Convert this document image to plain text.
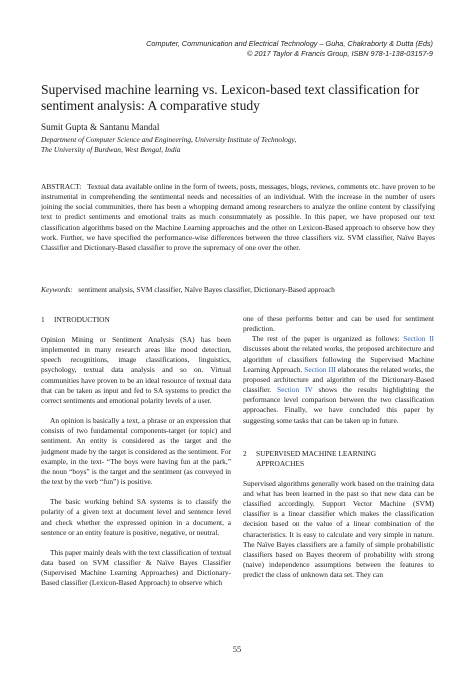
Computer, Communication and Electrical Technology – Guha, Chakraborty & Dutta (Eds)
© 2017 Taylor & Francis Group, ISBN 978-1-138-03157-9
Supervised machine learning vs. Lexicon-based text classification for sentiment analysis: A comparative study
Sumit Gupta & Santanu Mandal
Department of Computer Science and Engineering, University Institute of Technology,
The University of Burdwan, West Bengal, India

ABSTRACT: Textual data available online in the form of tweets, posts, messages, blogs, reviews, comments etc. have proven to be instrumental in comprehending the sentimental needs and necessities of an individual. With the increase in the number of users joining the social communities, there has been a whopping demand among researchers to analyze the online content by classifying text to predict sentiments and emotional traits as much consummately as possible. In this paper, we have proposed our text classification algorithms based on the Machine Learning approaches and the other on Lexicon-Based approach to observe how they work. Further, we have specified the performance-wise differences between the three classifiers viz. SVM classifier, Naïve Bayes Classifier and Dictionary-Based classifier to prove the supremacy of one over the other.

Keywords: sentiment analysis, SVM classifier, Naïve Bayes classifier, Dictionary-Based approach
1	INTRODUCTION

Opinion Mining or Sentiment Analysis (SA) has been implemented in many research areas like mood detection, speech recognitions, image classifications, linguistics, psychology, textual data analysis and so on. Virtual communities have proven to be an ideal resource of textual data that can be taken as input and fed to SA systems to predict the correct sentiments and emotional polarity levels of a user.

An opinion is basically a text, a phrase or an expression that consists of two fundamental components-target (or topic) and sentiment. An entity is considered as the target and the judgment made by the target is considered as the sentiment. For example, in the text- “The boys were having fun at the park,” the noun “boys” is the target and the sentiment (as conveyed in the text by the verb “fun”) is positive.

The basic working behind SA systems is to classify the polarity of a given text at document level and sentence level and check whether the expressed opinion in a document, a sentence or an entity feature is positive, negative, or neutral.

This paper mainly deals with the text classification of textual data based on SVM classifier & Naïve Bayes Classifier (Supervised Machine Learning Approaches) and Dictionary-Based classifier (Lexicon-Based Approach) to observe which

one of these performs better and can be used for sentiment prediction.

The rest of the paper is organized as follows: Section II discusses about the related works, the proposed architecture and algorithm of classifiers following the Supervised Machine Learning Approach. Section III elaborates the related works, the proposed architecture and algorithm of the Dictionary-Based classifier. Section IV shows the results highlighting the performance level comparison between the two classification approaches. Finally, we have concluded this paper by suggesting some tasks that can be taken up in future.

2	SUPERVISED MACHINE LEARNING
APPROACHES

Supervised algorithms generally work based on the training data and what has been learned in the past so that new data can be classified accordingly. Support Vector Machine (SVM) classifier is a linear classifier which makes the classification decision based on the value of a linear combination of the characteristics. It is easy to calculate and very simple in nature. The Naïve Bayes classifiers are a family of simple probabilistic classifiers based on Bayes theorem of probability with strong (naive) independence assumptions between the features to predict the class of unknown data set. They can

55
